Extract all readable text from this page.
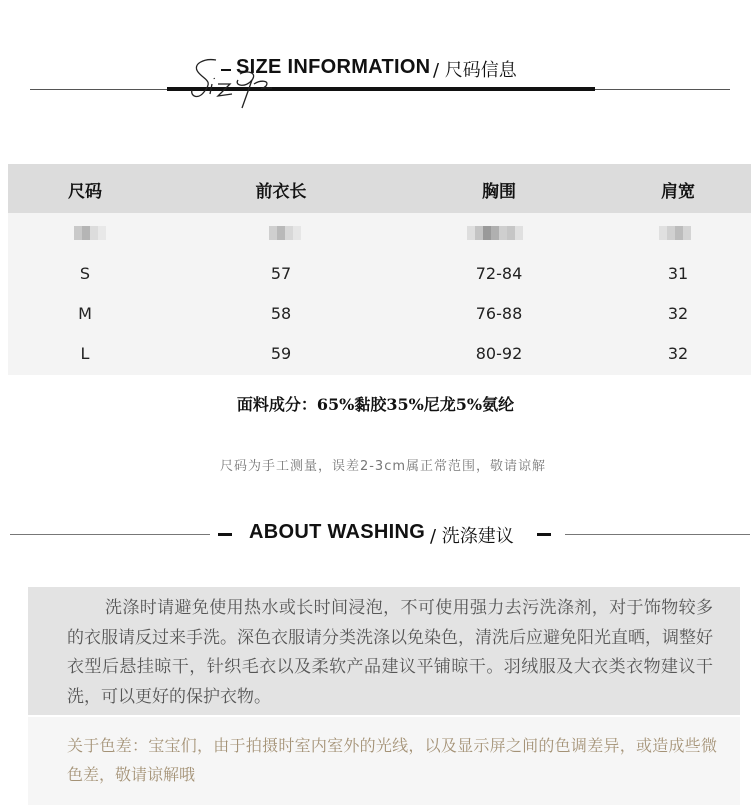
SIZE INFORMATION / 尺码信息
尺码	前衣长	胸围	肩宽
S	57	72-84	31
M	58	76-88	32
L	59	80-92	32
面料成分：65%黏胶35%尼龙5%氨纶
尺码为手工测量，误差2-3cm属正常范围，敬请谅解
ABOUT WASHING / 洗涤建议
洗涤时请避免使用热水或长时间浸泡，不可使用强力去污洗涤剂，对于饰物较多的衣服请反过来手洗。深色衣服请分类洗涤以免染色，清洗后应避免阳光直晒，调整好衣型后悬挂晾干，针织毛衣以及柔软产品建议平铺晾干。羽绒服及大衣类衣物建议干洗，可以更好的保护衣物。
关于色差：宝宝们，由于拍摄时室内室外的光线，以及显示屏之间的色调差异，或造成些微色差，敬请谅解哦
